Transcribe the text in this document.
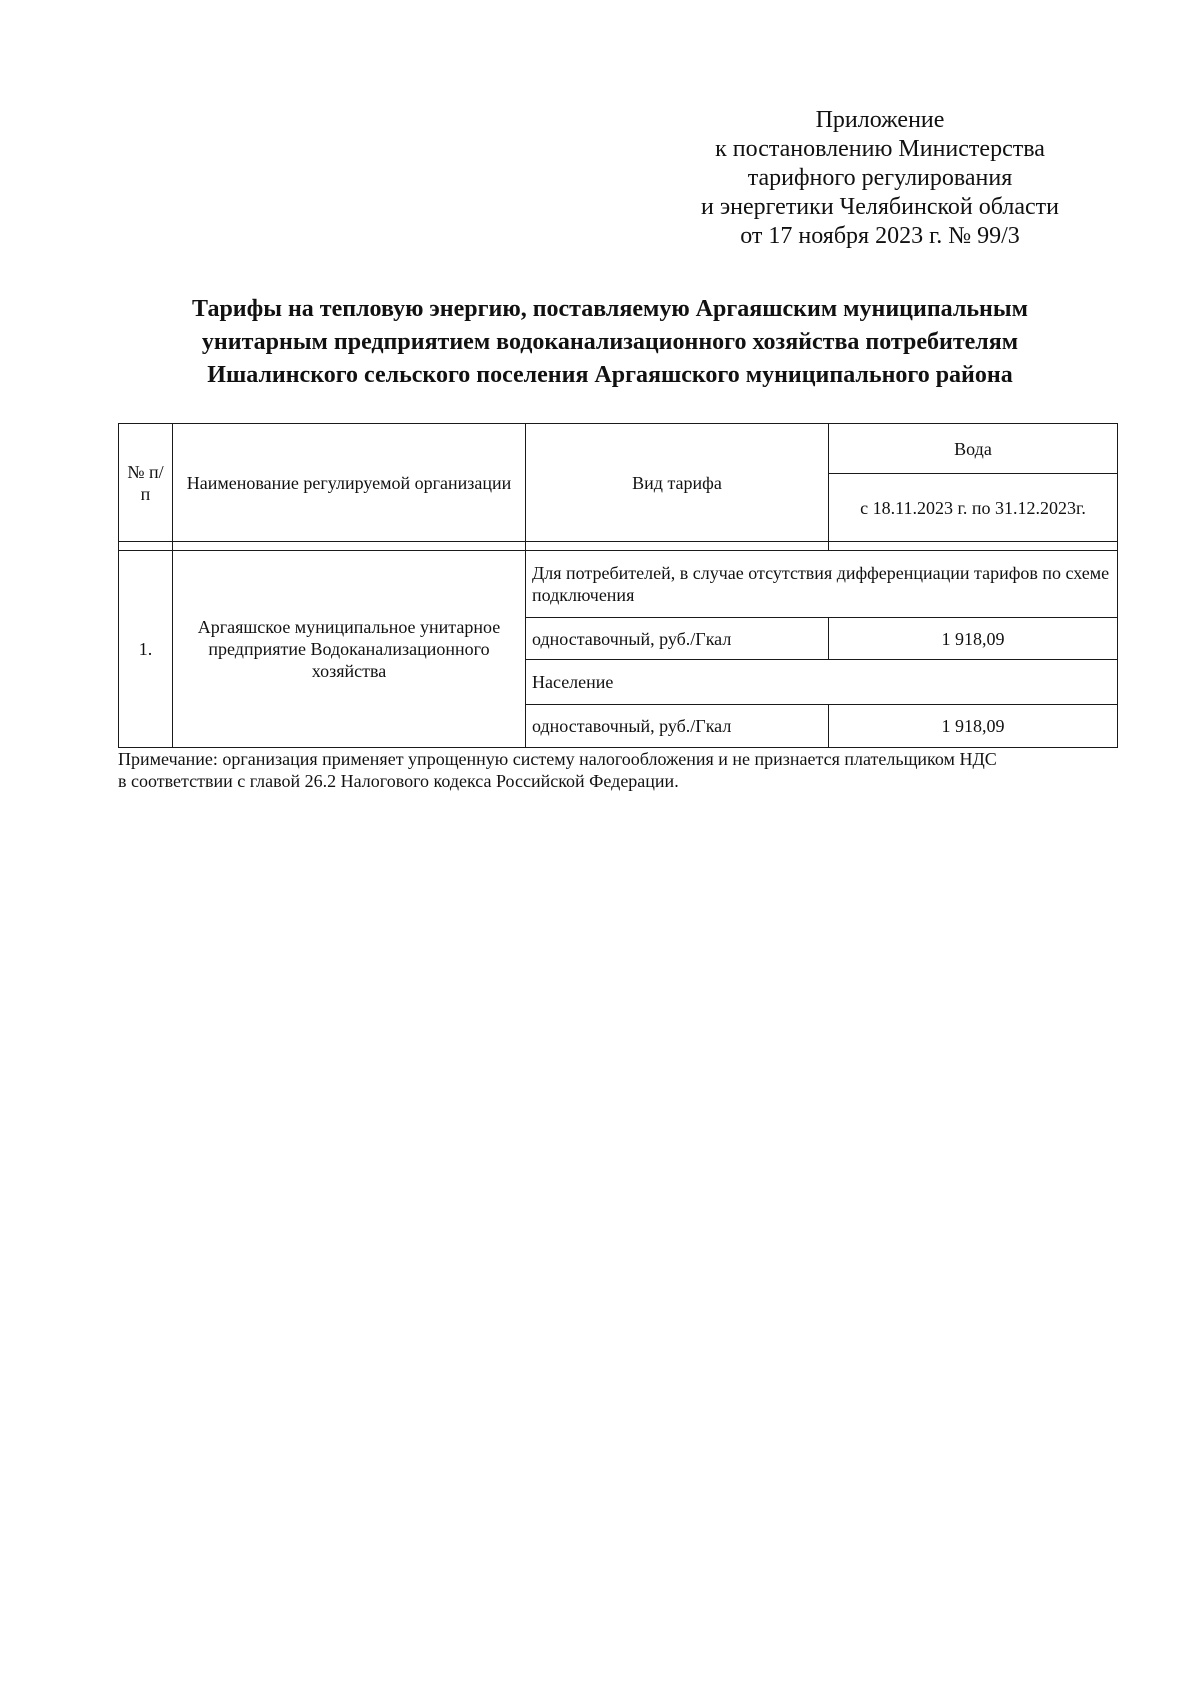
Приложение
к постановлению Министерства
тарифного регулирования
и энергетики Челябинской области
от 17 ноября 2023 г. № 99/3
Тарифы на тепловую энергию, поставляемую Аргаяшским муниципальным
унитарным предприятием водоканализационного хозяйства потребителям
Ишалинского сельского поселения Аргаяшского муниципального района
№ п/п	Наименование регулируемой организации	Вид тарифа	Вода
			с 18.11.2023 г. по 31.12.2023г.

1.	Аргаяшское муниципальное унитарное предприятие Водоканализационного хозяйства	Для потребителей, в случае отсутствия дифференциации тарифов по схеме подключения	
		одноставочный, руб./Гкал	1 918,09
		Население	
		одноставочный, руб./Гкал	1 918,09
Примечание: организация применяет упрощенную систему налогообложения и не признается плательщиком НДС
в соответствии с главой 26.2 Налогового кодекса Российской Федерации.
